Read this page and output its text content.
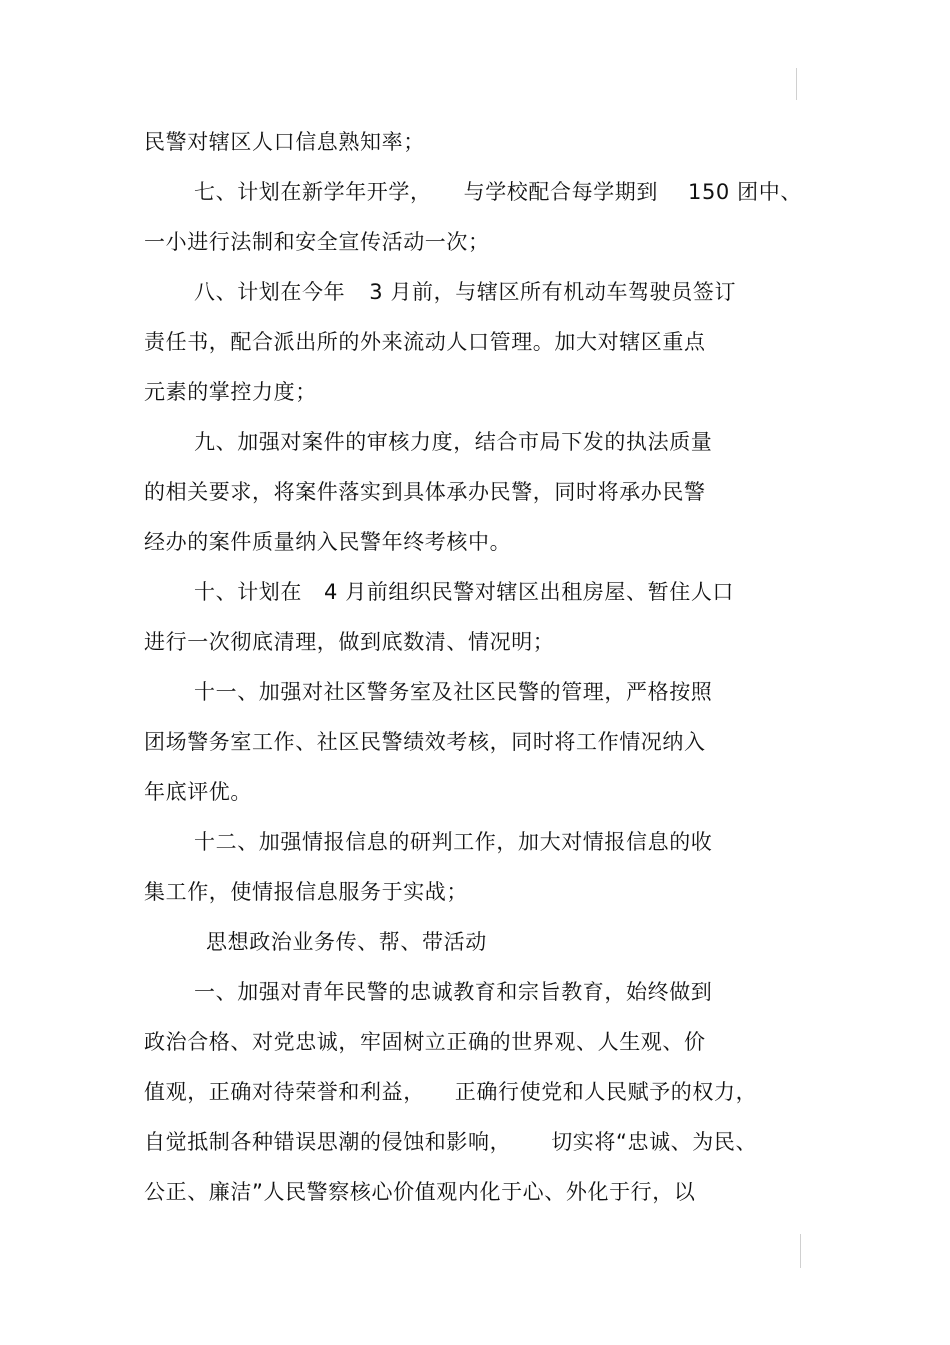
民警对辖区人口信息熟知率；
七、计划在新学年开学， 与学校配合每学期到 150 团中、
一小进行法制和安全宣传活动一次；
八、计划在今年 3 月前，与辖区所有机动车驾驶员签订
责任书，配合派出所的外来流动人口管理。加大对辖区重点
元素的掌控力度；
九、加强对案件的审核力度，结合市局下发的执法质量
的相关要求，将案件落实到具体承办民警，同时将承办民警
经办的案件质量纳入民警年终考核中。
十、计划在 4 月前组织民警对辖区出租房屋、暂住人口
进行一次彻底清理，做到底数清、情况明；
十一、加强对社区警务室及社区民警的管理，严格按照
团场警务室工作、社区民警绩效考核，同时将工作情况纳入
年底评优。
十二、加强情报信息的研判工作，加大对情报信息的收
集工作，使情报信息服务于实战；
思想政治业务传、帮、带活动
一、加强对青年民警的忠诚教育和宗旨教育，始终做到
政治合格、对党忠诚，牢固树立正确的世界观、人生观、价
值观，正确对待荣誉和利益， 正确行使党和人民赋予的权力，
自觉抵制各种错误思潮的侵蚀和影响， 切实将“忠诚、为民、
公正、廉洁”人民警察核心价值观内化于心、外化于行，以
